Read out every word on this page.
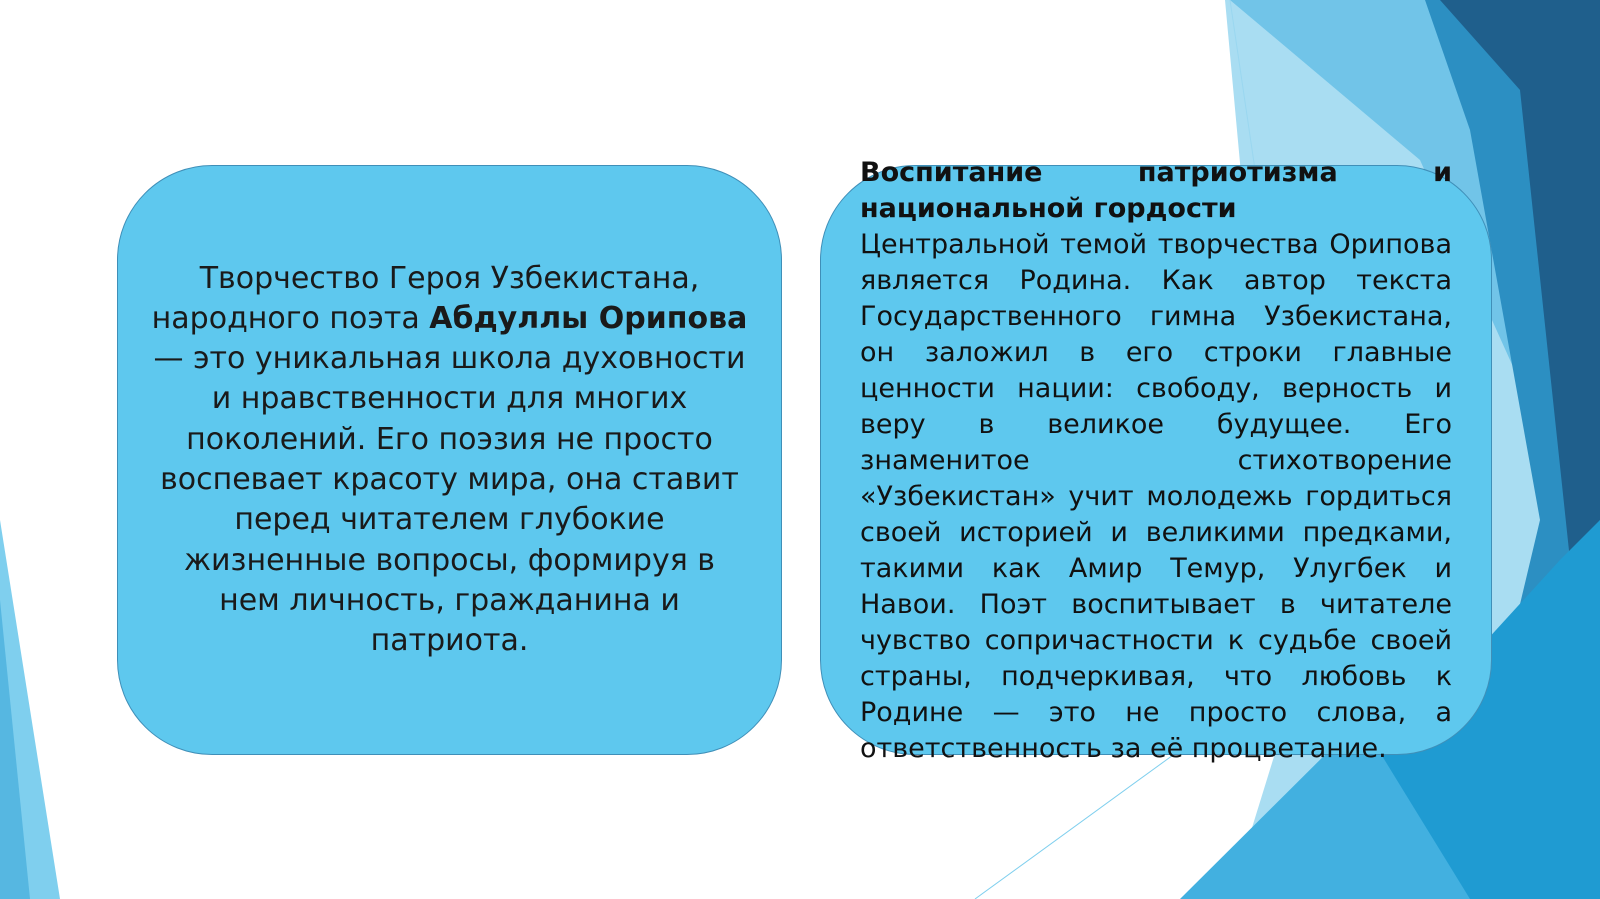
Творчество Героя Узбекистана, народного поэта Абдуллы Орипова — это уникальная школа духовности и нравственности для многих поколений. Его поэзия не просто воспевает красоту мира, она ставит перед читателем глубокие жизненные вопросы, формируя в нем личность, гражданина и патриота.

Воспитание патриотизма и национальной гордости
Центральной темой творчества Орипова является Родина. Как автор текста Государственного гимна Узбекистана, он заложил в его строки главные ценности нации: свободу, верность и веру в великое будущее. Его знаменитое стихотворение «Узбекистан» учит молодежь гордиться своей историей и великими предками, такими как Амир Темур, Улугбек и Навои. Поэт воспитывает в читателе чувство сопричастности к судьбе своей страны, подчеркивая, что любовь к Родине — это не просто слова, а ответственность за её процветание.
